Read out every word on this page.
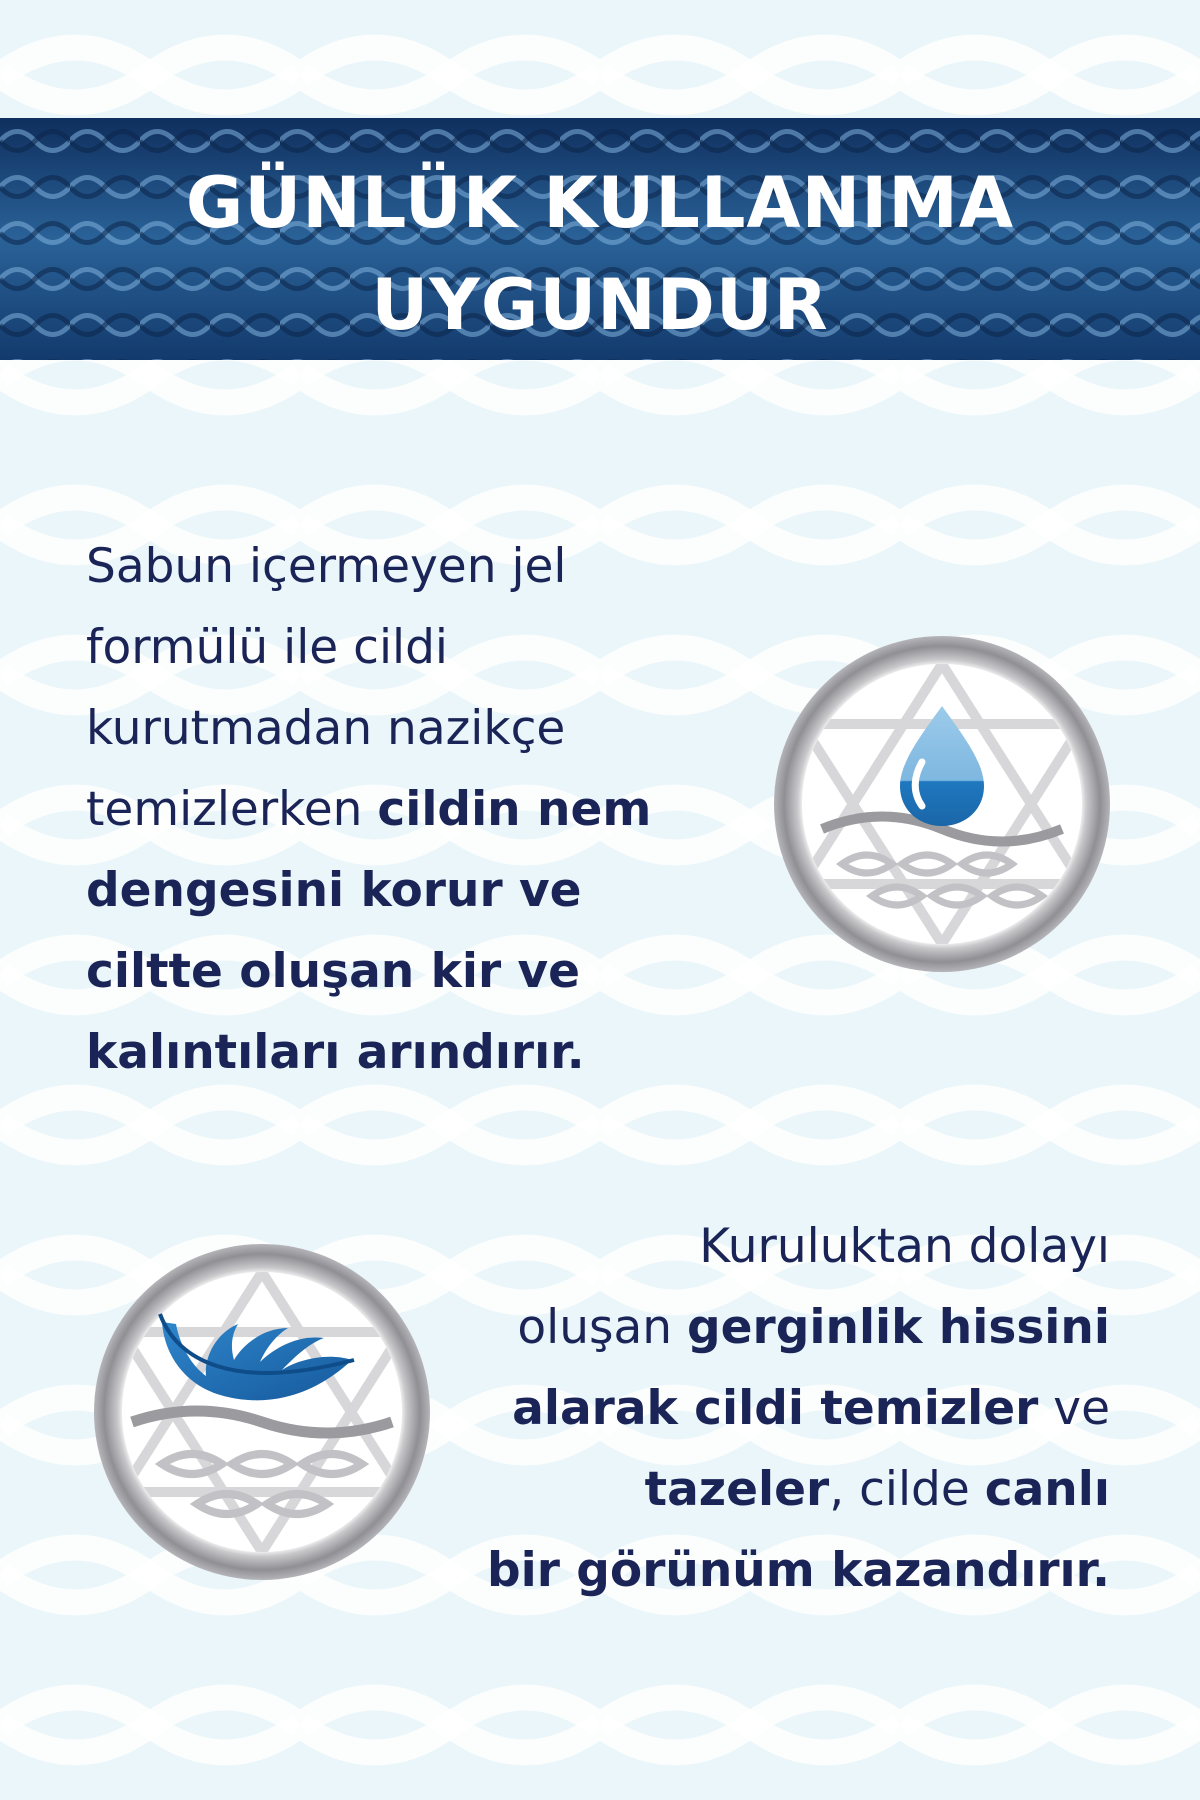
GÜNLÜK KULLANIMA
UYGUNDUR
Sabun içermeyen jel
formülü ile cildi
kurutmadan nazikçe
temizlerken cildin nem
dengesini korur ve
ciltte oluşan kir ve
kalıntıları arındırır.
Kuruluktan dolayı
oluşan gerginlik hissini
alarak cildi temizler ve
tazeler, cilde canlı
bir görünüm kazandırır.
